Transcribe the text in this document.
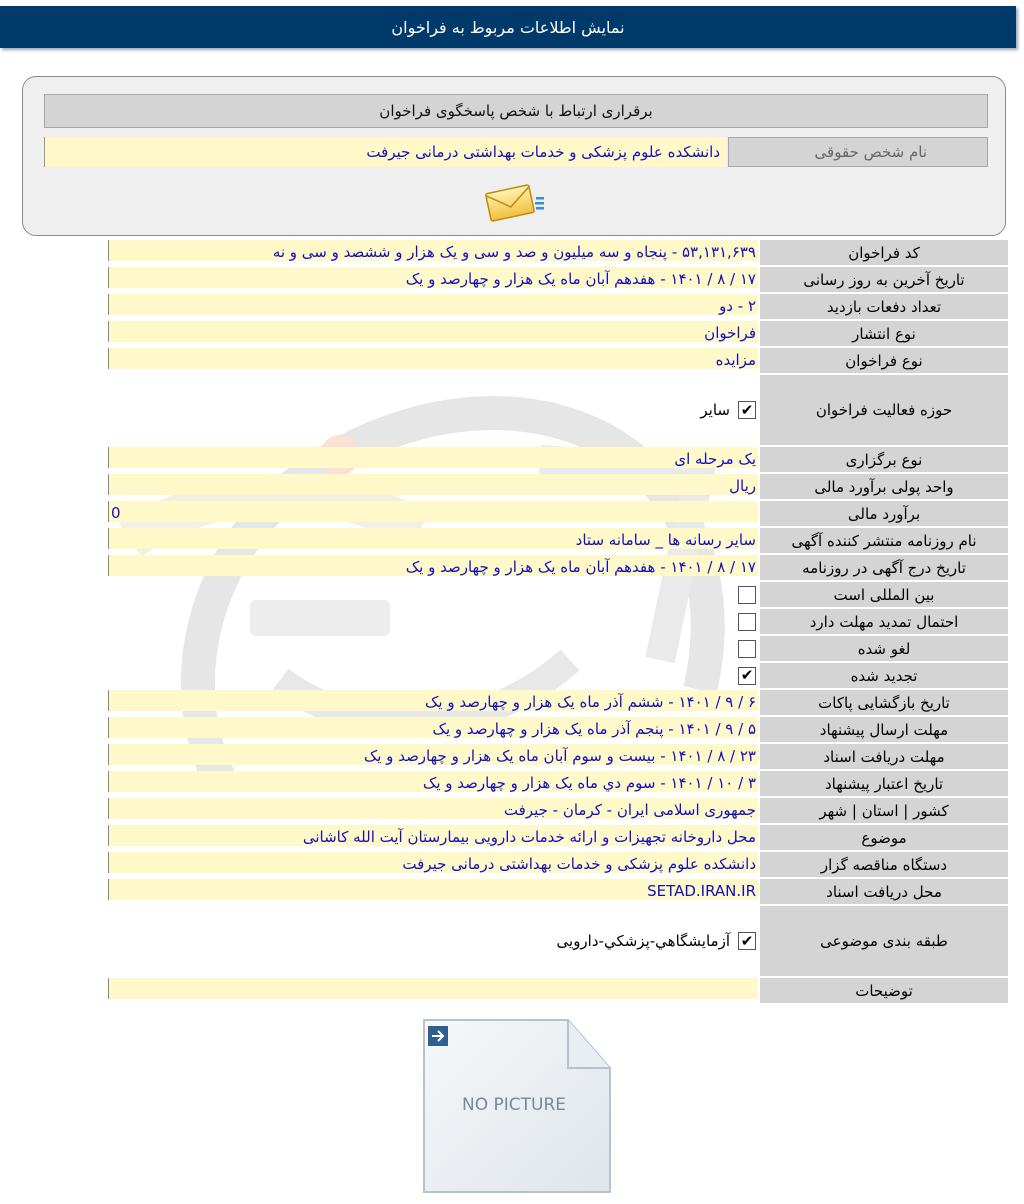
نمایش اطلاعات مربوط به فراخوان
برقراری ارتباط با شخص پاسخگوی فراخوان
نام شخص حقوقی
دانشکده علوم پزشکی و خدمات بهداشتی درمانی جیرفت
کد فراخوان
۵۳,۱۳۱,۶۳۹ - پنجاه و سه میلیون و صد و سی و یک هزار و ششصد و سی و نه
تاریخ آخرین به روز رسانی
۱۷ / ۸ / ۱۴۰۱ - هفدهم آبان ماه یک هزار و چهارصد و یک
تعداد دفعات بازدید
۲ - دو
نوع انتشار
فراخوان
نوع فراخوان
مزایده
حوزه فعالیت فراخوان
✔
سایر
نوع برگزاری
یک مرحله ای
واحد پولی برآورد مالی
ریال
برآورد مالی
0
نام روزنامه منتشر کننده آگهی
سایر رسانه ها _ سامانه ستاد
تاریخ درج آگهی در روزنامه
۱۷ / ۸ / ۱۴۰۱ - هفدهم آبان ماه یک هزار و چهارصد و یک
بین المللی است
احتمال تمدید مهلت دارد
لغو شده
تجدید شده
✔
تاریخ بازگشایی پاکات
۶ / ۹ / ۱۴۰۱ - ششم آذر ماه یک هزار و چهارصد و یک
مهلت ارسال پیشنهاد
۵ / ۹ / ۱۴۰۱ - پنجم آذر ماه یک هزار و چهارصد و یک
مهلت دریافت اسناد
۲۳ / ۸ / ۱۴۰۱ - بیست و سوم آبان ماه یک هزار و چهارصد و یک
تاریخ اعتبار پیشنهاد
۳ / ۱۰ / ۱۴۰۱ - سوم دي ماه یک هزار و چهارصد و یک
کشور | استان | شهر
جمهوری اسلامی ایران - کرمان - جیرفت
موضوع
محل داروخانه تجهیزات و ارائه خدمات دارویی بیمارستان آیت الله کاشانی
دستگاه مناقصه گزار
دانشکده علوم پزشکی و خدمات بهداشتی درمانی جیرفت
محل دریافت اسناد
SETAD.IRAN.IR
طبقه بندی موضوعی
✔
آزمايشگاهي-پزشكي-دارویی
توضیحات
NO PICTURE
